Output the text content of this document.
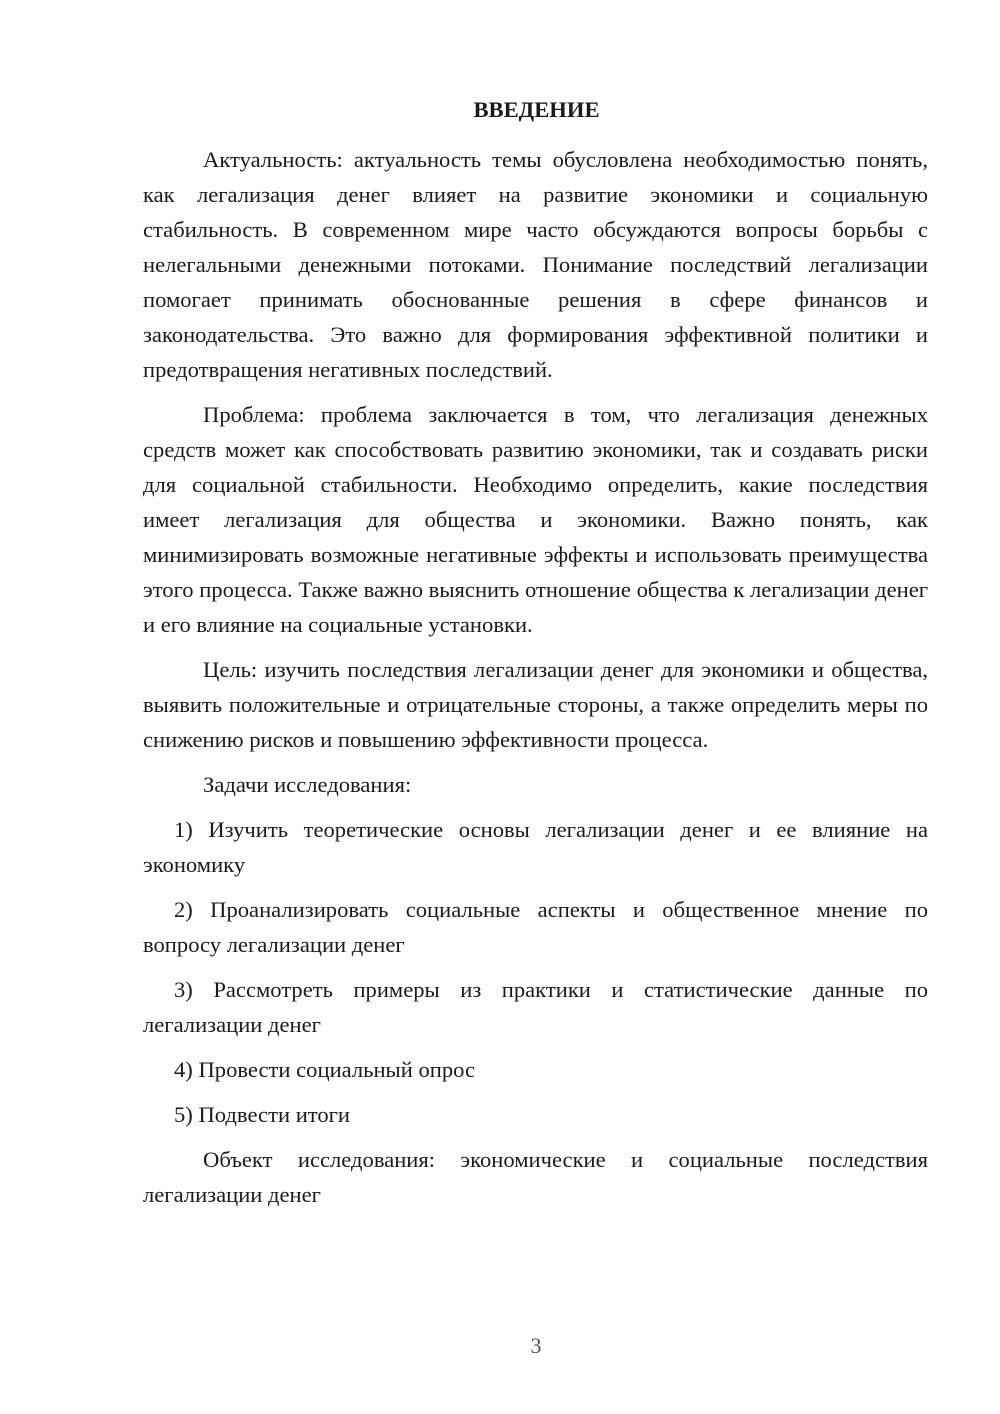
ВВЕДЕНИЕ

Актуальность: актуальность темы обусловлена необходимостью понять, как легализация денег влияет на развитие экономики и социальную стабильность. В современном мире часто обсуждаются вопросы борьбы с нелегальными денежными потоками. Понимание последствий легализации помогает принимать обоснованные решения в сфере финансов и законодательства. Это важно для формирования эффективной политики и предотвращения негативных последствий.

Проблема: проблема заключается в том, что легализация денежных средств может как способствовать развитию экономики, так и создавать риски для социальной стабильности. Необходимо определить, какие последствия имеет легализация для общества и экономики. Важно понять, как минимизировать возможные негативные эффекты и использовать преимущества этого процесса. Также важно выяснить отношение общества к легализации денег и его влияние на социальные установки.

Цель: изучить последствия легализации денег для экономики и общества, выявить положительные и отрицательные стороны, а также определить меры по снижению рисков и повышению эффективности процесса.

Задачи исследования:

1) Изучить теоретические основы легализации денег и ее влияние на экономику

2) Проанализировать социальные аспекты и общественное мнение по вопросу легализации денег

3) Рассмотреть примеры из практики и статистические данные по легализации денег

4) Провести социальный опрос

5) Подвести итоги

Объект исследования: экономические и социальные последствия легализации денег

3
